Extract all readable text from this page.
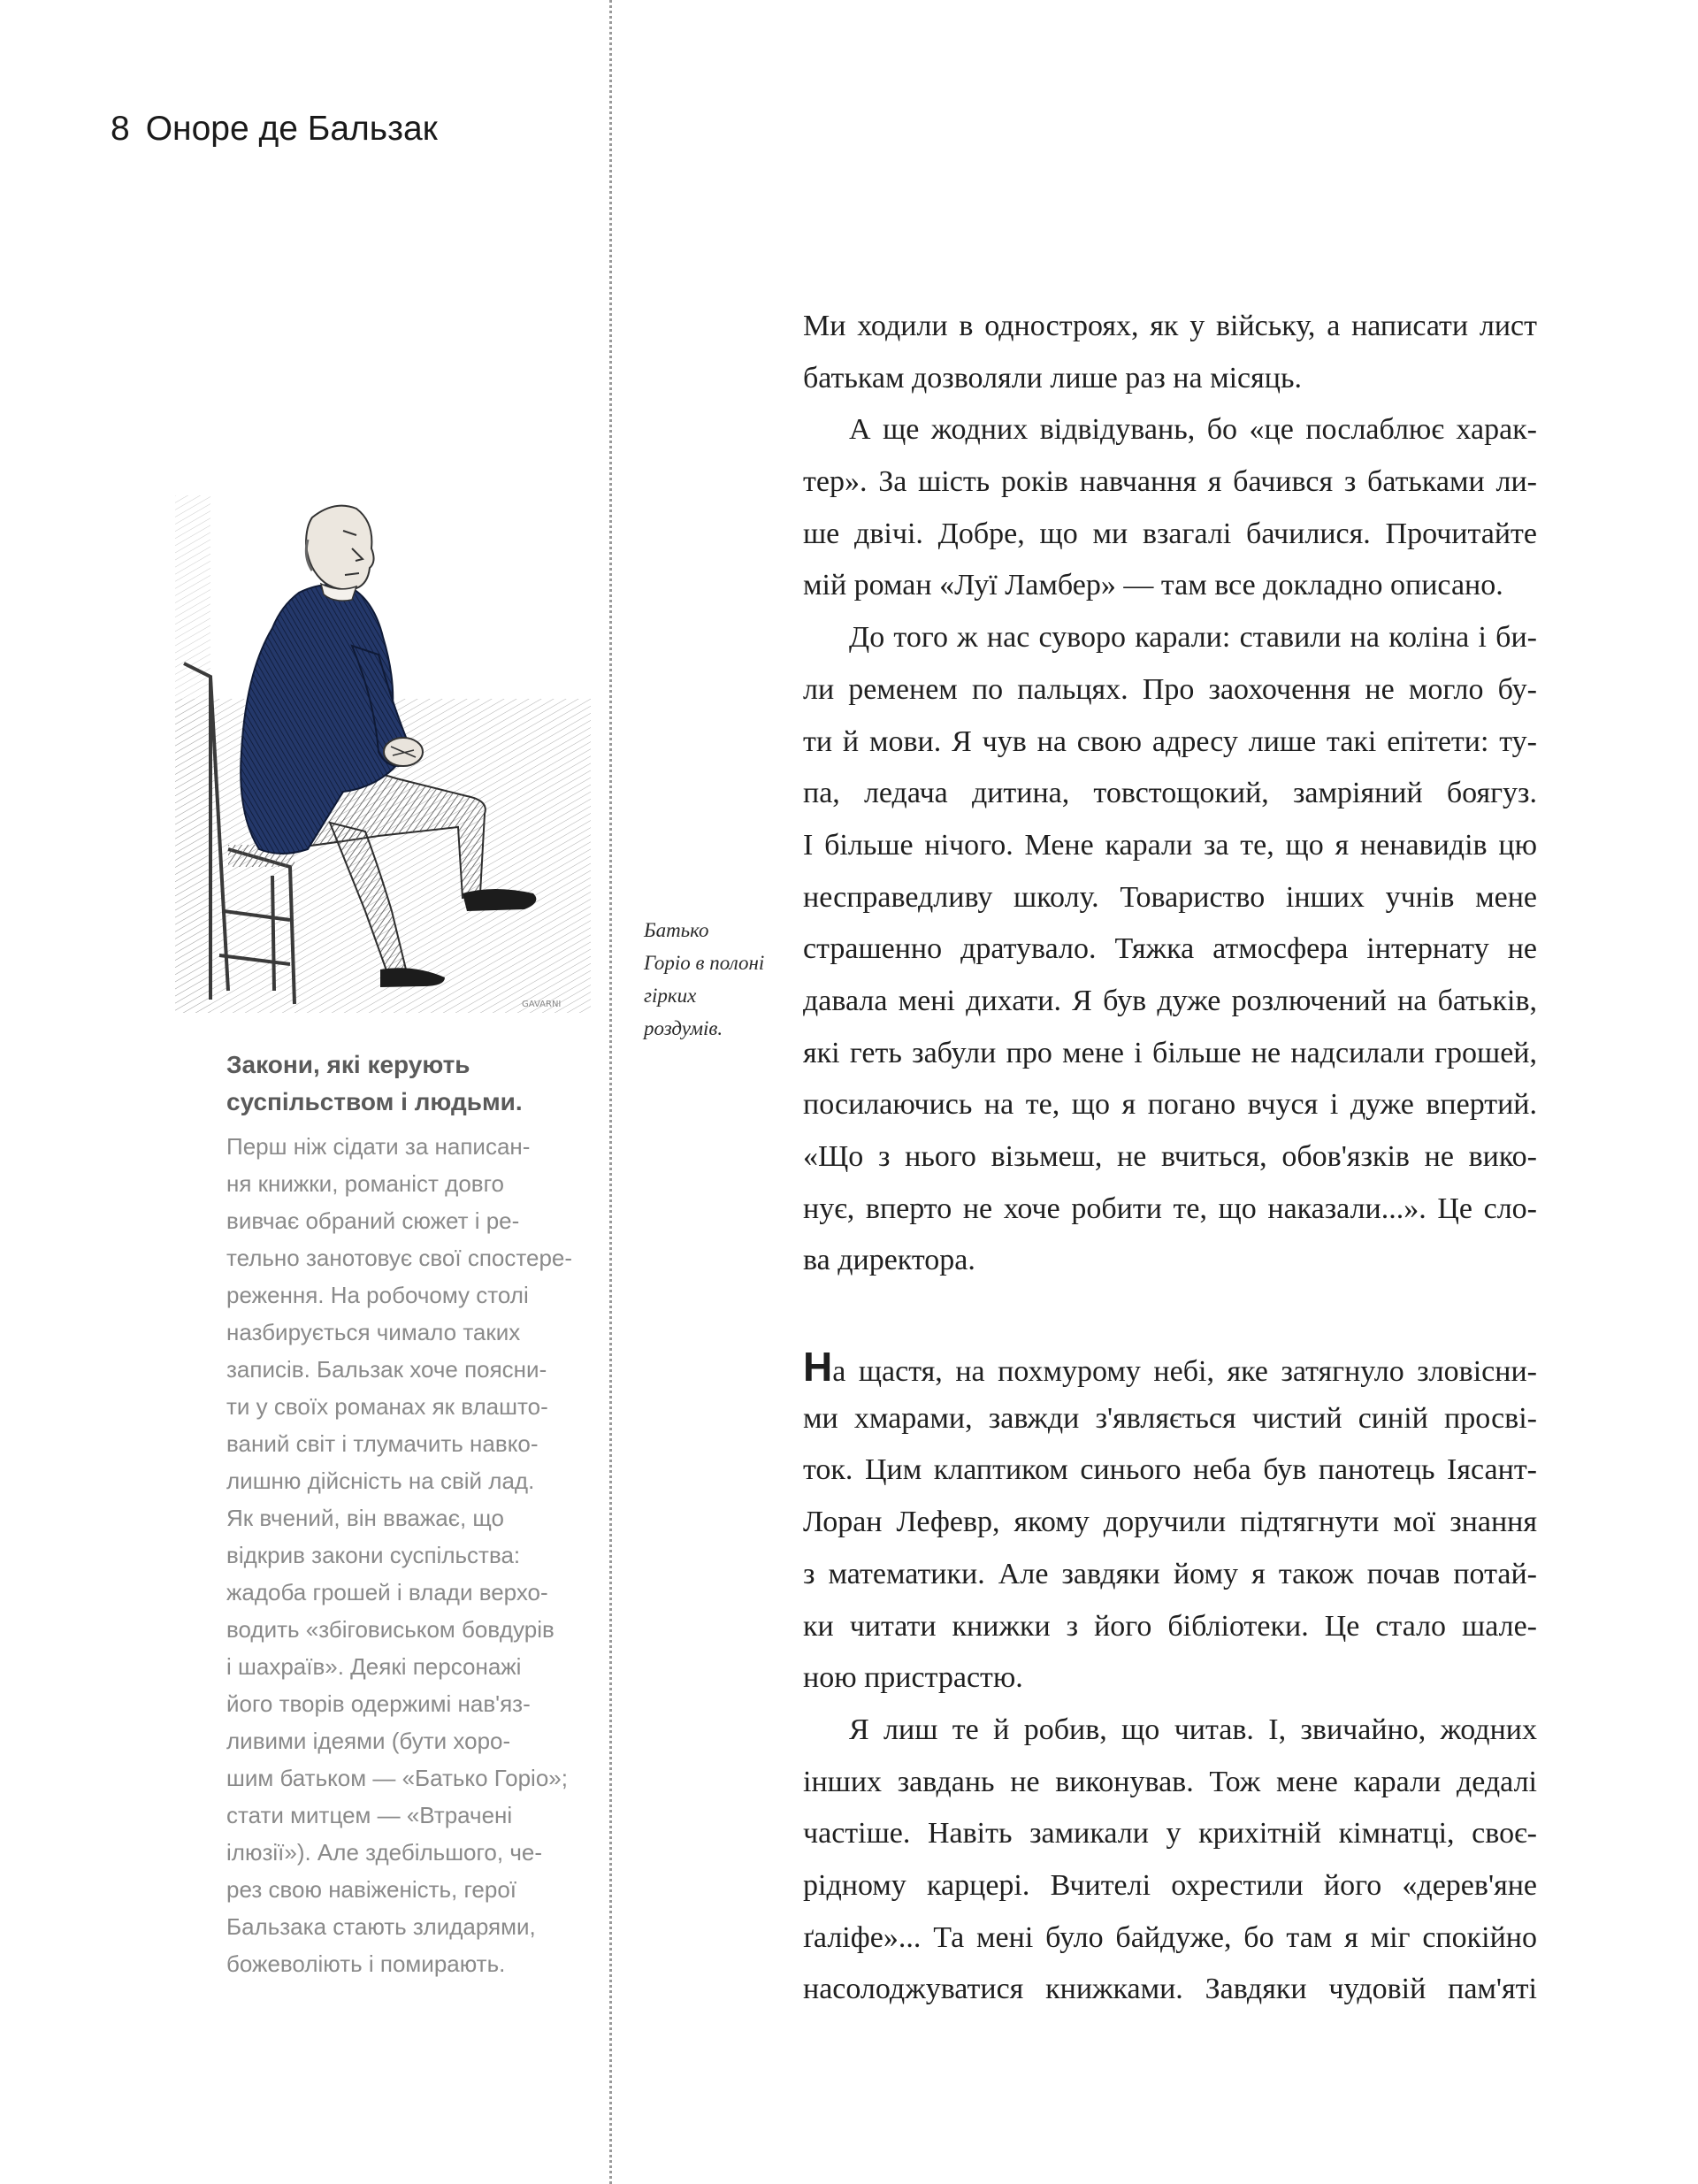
8 Оноре де Бальзак
GAVARNI
Батько
Горіо в полоні
гірких
роздумів.
Закони, які керують
суспільством і людьми.
Перш ніж сідати за написан-
ня книжки, романіст довго
вивчає обраний сюжет і ре-
тельно занотовує свої спостере-
реження. На робочому столі
назбирується чимало таких
записів. Бальзак хоче поясни-
ти у своїх романах як влашто-
ваний світ і тлумачить навко-
лишню дійсність на свій лад.
Як вчений, він вважає, що
відкрив закони суспільства:
жадоба грошей і влади верхо-
водить «збіговиськом бовдурів
і шахраїв». Деякі персонажі
його творів одержимі нав'яз-
ливими ідеями (бути хоро-
шим батьком — «Батько Горіо»;
стати митцем — «Втрачені
ілюзії»). Але здебільшого, че-
рез свою навіженість, герої
Бальзака стають злидарями,
божеволіють і помирають.
Ми ходили в одностроях, як у війську, а написати лист
батькам дозволяли лише раз на місяць.
А ще жодних відвідувань, бо «це послаблює харак-
тер». За шість років навчання я бачився з батьками ли-
ше двічі. Добре, що ми взагалі бачилися. Прочитайте
мій роман «Луї Ламбер» — там все докладно описано.
До того ж нас суворо карали: ставили на коліна і би-
ли ременем по пальцях. Про заохочення не могло бу-
ти й мови. Я чув на свою адресу лише такі епітети: ту-
па, ледача дитина, товстощокий, замріяний боягуз.
І більше нічого. Мене карали за те, що я ненавидів цю
несправедливу школу. Товариство інших учнів мене
страшенно дратувало. Тяжка атмосфера інтернату не
давала мені дихати. Я був дуже розлючений на батьків,
які геть забули про мене і більше не надсилали грошей,
посилаючись на те, що я погано вчуся і дуже впертий.
«Що з нього візьмеш, не вчиться, обов'язків не вико-
нує, вперто не хоче робити те, що наказали...». Це сло-
ва директора.
На щастя, на похмурому небі, яке затягнуло зловісни-
ми хмарами, завжди з'являється чистий синій просві-
ток. Цим клаптиком синього неба був панотець Іясант-
Лоран Лефевр, якому доручили підтягнути мої знання
з математики. Але завдяки йому я також почав потай-
ки читати книжки з його бібліотеки. Це стало шале-
ною пристрастю.
Я лиш те й робив, що читав. І, звичайно, жодних
інших завдань не виконував. Тож мене карали дедалі
частіше. Навіть замикали у крихітній кімнатці, своє-
рідному карцері. Вчителі охрестили його «дерев'яне
ґаліфе»... Та мені було байдуже, бо там я міг спокійно
насолоджуватися книжками. Завдяки чудовій пам'яті
